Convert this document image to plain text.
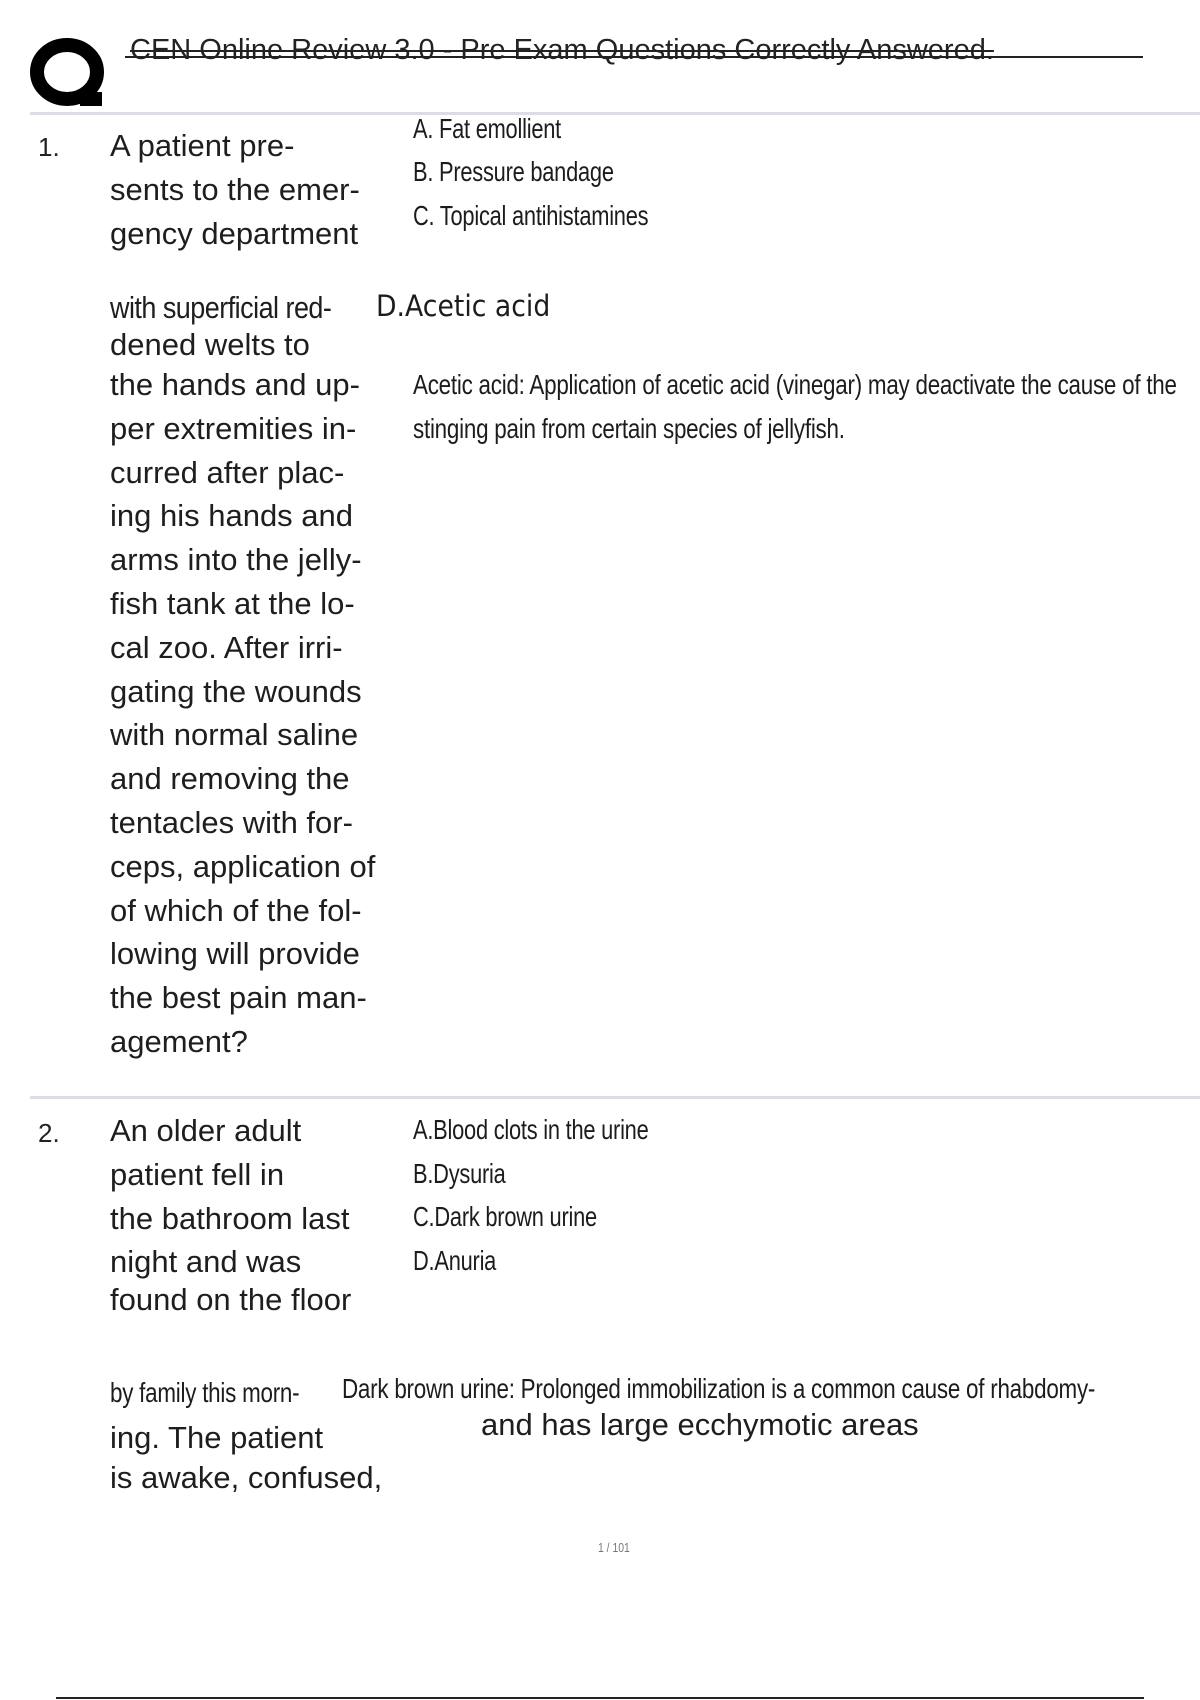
CEN Online Review 3.0 - Pre Exam Questions Correctly Answered.
1. A patient pre-
sents to the emer-
gency department
A. Fat emollient
B. Pressure bandage
C. Topical antihistamines
with superficial red- D.Acetic acid
dened welts to
the hands and up-
per extremities in-
curred after plac-
ing his hands and
arms into the jelly-
fish tank at the lo-
cal zoo. After irri-
gating the wounds
with normal saline
and removing the
tentacles with for-
ceps, application of
of which of the fol-
lowing will provide
the best pain man-
agement?
Acetic acid: Application of acetic acid (vinegar) may deactivate the cause of the
stinging pain from certain species of jellyfish.
2. An older adult
patient fell in
the bathroom last
night and was
found on the floor
A.Blood clots in the urine
B.Dysuria
C.Dark brown urine
D.Anuria
by family this morn- Dark brown urine: Prolonged immobilization is a common cause of rhabdomy-
ing. The patient
is awake, confused,
and has large ecchymotic areas
1 / 101
